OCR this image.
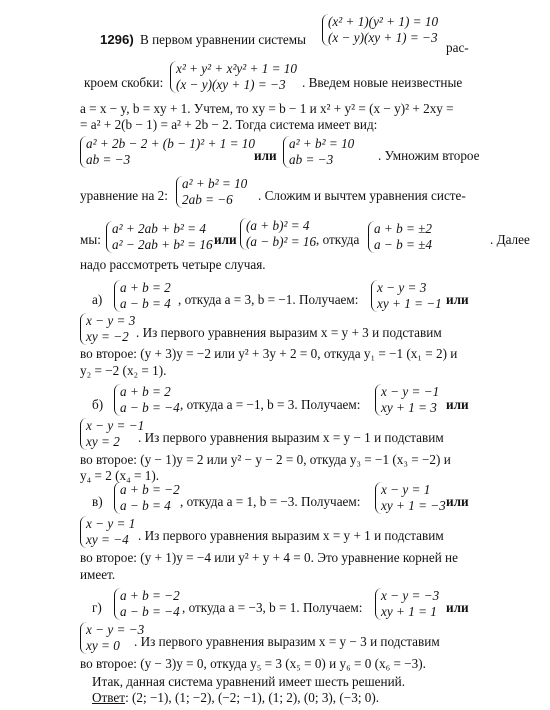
1296) В первом уравнении системы
рас-
(x² + 1)(y² + 1) = 10
(x − y)(xy + 1) = −3
кроем скобки:	. Введем новые неизвестные
x² + y² + x²y² + 1 = 10
(x − y)(xy + 1) = −3
a = x − y, b = xy + 1. Учтем, то xy = b − 1 и x² + y² = (x − y)² + 2xy =
= a² + 2(b − 1) = a² + 2b − 2. Тогда система имеет вид:
a² + 2b − 2 + (b − 1)² + 1 = 10
ab = −3	или	. Умножим второе
a² + b² = 10
ab = −3
уравнение на 2:	. Сложим и вычтем уравнения систе-
a² + b² = 10
2ab = −6
a² + 2ab + b² = 4
a² − 2ab + b² = 16
мы:	или	, откуда	. Далее
(a + b)² = 4
(a − b)² = 16
a + b = ±2
a − b = ±4
надо рассмотреть четыре случая.
а)	, откуда a = 3, b = −1. Получаем:	или
a + b = 2
a − b = 4
x − y = 3
xy + 1 = −1
x − y = 3
xy = −2 . Из первого уравнения выразим x = y + 3 и подставим
во второе: (y + 3)y = −2 или y² + 3y + 2 = 0, откуда y₁ = −1 (x₁ = 2) и
y₂ = −2 (x₂ = 1).
б)	, откуда a = −1, b = 3. Получаем:	или
a + b = 2
a − b = −4
x − y = −1
xy + 1 = 3
x − y = −1
xy = 2	. Из первого уравнения выразим x = y − 1 и подставим
во второе: (y − 1)y = 2 или y² − y − 2 = 0, откуда y₃ = −1 (x₃ = −2) и
y₄ = 2 (x₄ = 1).
в)	, откуда a = 1, b = −3. Получаем:	или
a + b = −2
a − b = 4
x − y = 1
xy + 1 = −3
x − y = 1
xy = −4 . Из первого уравнения выразим x = y + 1 и подставим
во второе: (y + 1)y = −4 или y² + y + 4 = 0. Это уравнение корней не
имеет.
г)	, откуда a = −3, b = 1. Получаем:	или
a + b = −2
a − b = −4
x − y = −3
xy + 1 = 1
x − y = −3
xy = 0	. Из первого уравнения выразим x = y − 3 и подставим
во второе: (y − 3)y = 0, откуда y₅ = 3 (x₅ = 0) и y₆ = 0 (x₆ = −3).
Итак, данная система уравнений имеет шесть решений.
Ответ: (2; −1), (1; −2), (−2; −1), (1; 2), (0; 3), (−3; 0).
